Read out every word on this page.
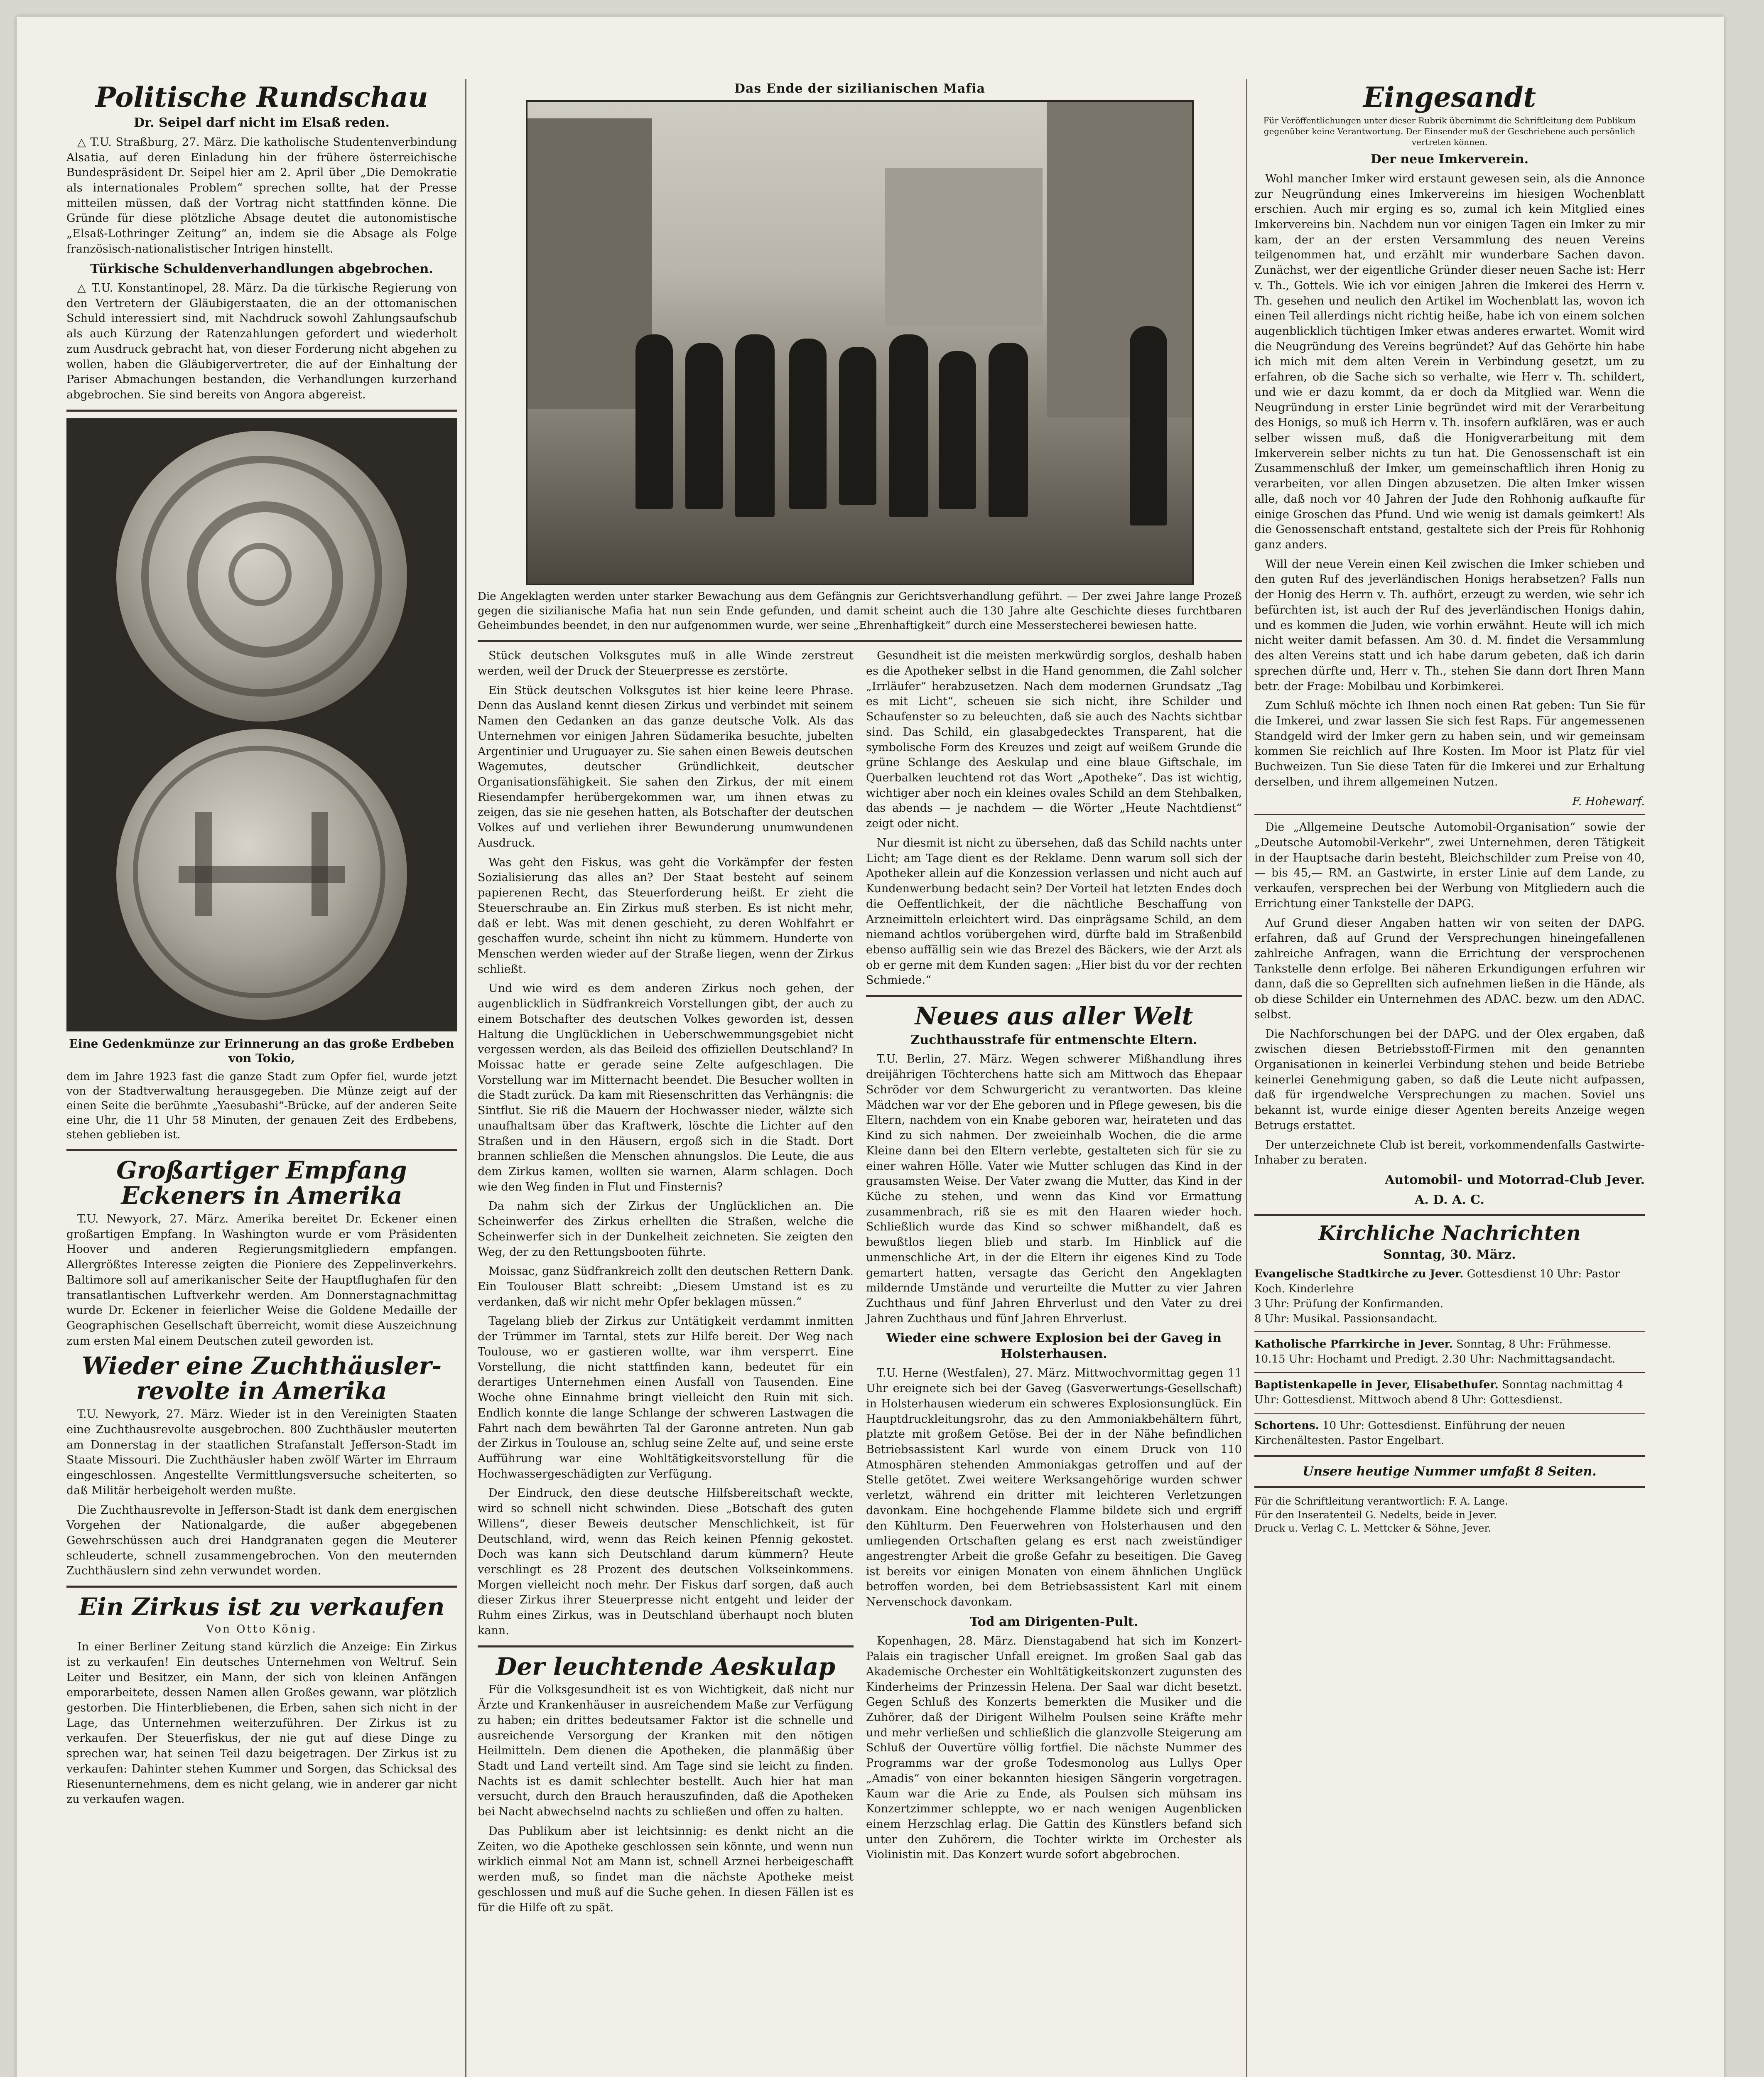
Politische Rundschau
Dr. Seipel darf nicht im Elsaß reden.

△ T.U. Straßburg, 27. März. Die katholische Studentenverbindung Alsatia, auf deren Einladung hin der frühere österreichische Bundespräsident Dr. Seipel hier am 2. April über „Die Demokratie als internationales Problem“ sprechen sollte, hat der Presse mitteilen müssen, daß der Vortrag nicht stattfinden könne. Die Gründe für diese plötzliche Absage deutet die autonomistische „Elsaß-Lothringer Zeitung“ an, indem sie die Absage als Folge französisch-nationalistischer Intrigen hinstellt.

Türkische Schuldenverhandlungen abgebrochen.

△ T.U. Konstantinopel, 28. März. Da die türkische Regierung von den Vertretern der Gläubigerstaaten, die an der ottomanischen Schuld interessiert sind, mit Nachdruck sowohl Zahlungsaufschub als auch Kürzung der Ratenzahlungen gefordert und wiederholt zum Ausdruck gebracht hat, von dieser Forderung nicht abgehen zu wollen, haben die Gläubigervertreter, die auf der Einhaltung der Pariser Abmachungen bestanden, die Verhandlungen kurzerhand abgebrochen. Sie sind bereits von Angora abgereist.

Eine Gedenkmünze zur Erinnerung an das große Erdbeben von Tokio,

dem im Jahre 1923 fast die ganze Stadt zum Opfer fiel, wurde jetzt von der Stadtverwaltung herausgegeben. Die Münze zeigt auf der einen Seite die berühmte „Yaesubashi“-Brücke, auf der anderen Seite eine Uhr, die 11 Uhr 58 Minuten, der genauen Zeit des Erdbebens, stehen geblieben ist.

Großartiger Empfang Eckeners in Amerika

T.U. Newyork, 27. März. Amerika bereitet Dr. Eckener einen großartigen Empfang. In Washington wurde er vom Präsidenten Hoover und anderen Regierungsmitgliedern empfangen. Allergrößtes Interesse zeigten die Pioniere des Zeppelinverkehrs. Baltimore soll auf amerikanischer Seite der Hauptflughafen für den transatlantischen Luftverkehr werden. Am Donnerstagnachmittag wurde Dr. Eckener in feierlicher Weise die Goldene Medaille der Geographischen Gesellschaft überreicht, womit diese Auszeichnung zum ersten Mal einem Deutschen zuteil geworden ist.

Wieder eine Zuchthäusler-revolte in Amerika

T.U. Newyork, 27. März. Wieder ist in den Vereinigten Staaten eine Zuchthausrevolte ausgebrochen. 800 Zuchthäusler meuterten am Donnerstag in der staatlichen Strafanstalt Jefferson-Stadt im Staate Missouri. Die Zuchthäusler haben zwölf Wärter im Ehrraum eingeschlossen. Angestellte Vermittlungsversuche scheiterten, so daß Militär herbeigeholt werden mußte.

Die Zuchthausrevolte in Jefferson-Stadt ist dank dem energischen Vorgehen der Nationalgarde, die außer abgegebenen Gewehrschüssen auch drei Handgranaten gegen die Meuterer schleuderte, schnell zusammengebrochen. Von den meuternden Zuchthäuslern sind zehn verwundet worden.

Ein Zirkus ist zu verkaufen
Von Otto König.

In einer Berliner Zeitung stand kürzlich die Anzeige: Ein Zirkus ist zu verkaufen! Ein deutsches Unternehmen von Weltruf. Sein Leiter und Besitzer, ein Mann, der sich von kleinen Anfängen emporarbeitete, dessen Namen allen Großes gewann, war plötzlich gestorben. Die Hinterbliebenen, die Erben, sahen sich nicht in der Lage, das Unternehmen weiterzuführen. Der Zirkus ist zu verkaufen. Der Steuerfiskus, der nie gut auf diese Dinge zu sprechen war, hat seinen Teil dazu beigetragen. Der Zirkus ist zu verkaufen: Dahinter stehen Kummer und Sorgen, das Schicksal des Riesenunternehmens, dem es nicht gelang, wie in anderer gar nicht zu verkaufen wagen.

Das Ende der sizilianischen Mafia

Die Angeklagten werden unter starker Bewachung aus dem Gefängnis zur Gerichtsverhandlung geführt. — Der zwei Jahre lange Prozeß gegen die sizilianische Mafia hat nun sein Ende gefunden, und damit scheint auch die 130 Jahre alte Geschichte dieses furchtbaren Geheimbundes beendet, in den nur aufgenommen wurde, wer seine „Ehrenhaftigkeit“ durch eine Messerstecherei bewiesen hatte.

Stück deutschen Volksgutes muß in alle Winde zerstreut werden, weil der Druck der Steuerpresse es zerstörte.

Ein Stück deutschen Volksgutes ist hier keine leere Phrase. Denn das Ausland kennt diesen Zirkus und verbindet mit seinem Namen den Gedanken an das ganze deutsche Volk. Als das Unternehmen vor einigen Jahren Südamerika besuchte, jubelten Argentinier und Uruguayer zu. Sie sahen einen Beweis deutschen Wagemutes, deutscher Gründlichkeit, deutscher Organisationsfähigkeit. Sie sahen den Zirkus, der mit einem Riesendampfer herübergekommen war, um ihnen etwas zu zeigen, das sie nie gesehen hatten, als Botschafter der deutschen Volkes auf und verliehen ihrer Bewunderung unumwundenen Ausdruck.

Was geht den Fiskus, was geht die Vorkämpfer der festen Sozialisierung das alles an? Der Staat besteht auf seinem papierenen Recht, das Steuerforderung heißt. Er zieht die Steuerschraube an. Ein Zirkus muß sterben. Es ist nicht mehr, daß er lebt. Was mit denen geschieht, zu deren Wohlfahrt er geschaffen wurde, scheint ihn nicht zu kümmern. Hunderte von Menschen werden wieder auf der Straße liegen, wenn der Zirkus schließt.

Und wie wird es dem anderen Zirkus noch gehen, der augenblicklich in Südfrankreich Vorstellungen gibt, der auch zu einem Botschafter des deutschen Volkes geworden ist, dessen Haltung die Unglücklichen in Ueberschwemmungsgebiet nicht vergessen werden, als das Beileid des offiziellen Deutschland? In Moissac hatte er gerade seine Zelte aufgeschlagen. Die Vorstellung war im Mitternacht beendet. Die Besucher wollten in die Stadt zurück. Da kam mit Riesenschritten das Verhängnis: die Sintflut. Sie riß die Mauern der Hochwasser nieder, wälzte sich unaufhaltsam über das Kraftwerk, löschte die Lichter auf den Straßen und in den Häusern, ergoß sich in die Stadt. Dort brannen schließen die Menschen ahnungslos. Die Leute, die aus dem Zirkus kamen, wollten sie warnen, Alarm schlagen. Doch wie den Weg finden in Flut und Finsternis?

Da nahm sich der Zirkus der Unglücklichen an. Die Scheinwerfer des Zirkus erhellten die Straßen, welche die Scheinwerfer sich in der Dunkelheit zeichneten. Sie zeigten den Weg, der zu den Rettungsbooten führte.

Moissac, ganz Südfrankreich zollt den deutschen Rettern Dank. Ein Toulouser Blatt schreibt: „Diesem Umstand ist es zu verdanken, daß wir nicht mehr Opfer beklagen müssen.“

Tagelang blieb der Zirkus zur Untätigkeit verdammt inmitten der Trümmer im Tarntal, stets zur Hilfe bereit. Der Weg nach Toulouse, wo er gastieren wollte, war ihm versperrt. Eine Vorstellung, die nicht stattfinden kann, bedeutet für ein derartiges Unternehmen einen Ausfall von Tausenden. Eine Woche ohne Einnahme bringt vielleicht den Ruin mit sich. Endlich konnte die lange Schlange der schweren Lastwagen die Fahrt nach dem bewährten Tal der Garonne antreten. Nun gab der Zirkus in Toulouse an, schlug seine Zelte auf, und seine erste Aufführung war eine Wohltätigkeitsvorstellung für die Hochwassergeschädigten zur Verfügung.

Der Eindruck, den diese deutsche Hilfsbereitschaft weckte, wird so schnell nicht schwinden. Diese „Botschaft des guten Willens“, dieser Beweis deutscher Menschlichkeit, ist für Deutschland, wird, wenn das Reich keinen Pfennig gekostet. Doch was kann sich Deutschland darum kümmern? Heute verschlingt es 28 Prozent des deutschen Volkseinkommens. Morgen vielleicht noch mehr. Der Fiskus darf sorgen, daß auch dieser Zirkus ihrer Steuerpresse nicht entgeht und leider der Ruhm eines Zirkus, was in Deutschland überhaupt noch bluten kann.

Der leuchtende Aeskulap

Für die Volksgesundheit ist es von Wichtigkeit, daß nicht nur Ärzte und Krankenhäuser in ausreichendem Maße zur Verfügung zu haben; ein drittes bedeutsamer Faktor ist die schnelle und ausreichende Versorgung der Kranken mit den nötigen Heilmitteln. Dem dienen die Apotheken, die planmäßig über Stadt und Land verteilt sind. Am Tage sind sie leicht zu finden. Nachts ist es damit schlechter bestellt. Auch hier hat man versucht, durch den Brauch herauszufinden, daß die Apotheken bei Nacht abwechselnd nachts zu schließen und offen zu halten.

Das Publikum aber ist leichtsinnig: es denkt nicht an die Zeiten, wo die Apotheke geschlossen sein könnte, und wenn nun wirklich einmal Not am Mann ist, schnell Arznei herbeigeschafft werden muß, so findet man die nächste Apotheke meist geschlossen und muß auf die Suche gehen. In diesen Fällen ist es für die Hilfe oft zu spät.

Gesundheit ist die meisten merkwürdig sorglos, deshalb haben es die Apotheker selbst in die Hand genommen, die Zahl solcher „Irrläufer“ herabzusetzen. Nach dem modernen Grundsatz „Tag es mit Licht“, scheuen sie sich nicht, ihre Schilder und Schaufenster so zu beleuchten, daß sie auch des Nachts sichtbar sind. Das Schild, ein glasabgedecktes Transparent, hat die symbolische Form des Kreuzes und zeigt auf weißem Grunde die grüne Schlange des Aeskulap und eine blaue Giftschale, im Querbalken leuchtend rot das Wort „Apotheke“. Das ist wichtig, wichtiger aber noch ein kleines ovales Schild an dem Stehbalken, das abends — je nachdem — die Wörter „Heute Nachtdienst“ zeigt oder nicht.

Nur diesmit ist nicht zu übersehen, daß das Schild nachts unter Licht; am Tage dient es der Reklame. Denn warum soll sich der Apotheker allein auf die Konzession verlassen und nicht auch auf Kundenwerbung bedacht sein? Der Vorteil hat letzten Endes doch die Oeffentlichkeit, der die nächtliche Beschaffung von Arzneimitteln erleichtert wird. Das einprägsame Schild, an dem niemand achtlos vorübergehen wird, dürfte bald im Straßenbild ebenso auffällig sein wie das Brezel des Bäckers, wie der Arzt als ob er gerne mit dem Kunden sagen: „Hier bist du vor der rechten Schmiede.“

Neues aus aller Welt
Zuchthausstrafe für entmenschte Eltern.

T.U. Berlin, 27. März. Wegen schwerer Mißhandlung ihres dreijährigen Töchterchens hatte sich am Mittwoch das Ehepaar Schröder vor dem Schwurgericht zu verantworten. Das kleine Mädchen war vor der Ehe geboren und in Pflege gewesen, bis die Eltern, nachdem von ein Knabe geboren war, heirateten und das Kind zu sich nahmen. Der zweieinhalb Wochen, die die arme Kleine dann bei den Eltern verlebte, gestalteten sich für sie zu einer wahren Hölle. Vater wie Mutter schlugen das Kind in der grausamsten Weise. Der Vater zwang die Mutter, das Kind in der Küche zu stehen, und wenn das Kind vor Ermattung zusammenbrach, riß sie es mit den Haaren wieder hoch. Schließlich wurde das Kind so schwer mißhandelt, daß es bewußtlos liegen blieb und starb. Im Hinblick auf die unmenschliche Art, in der die Eltern ihr eigenes Kind zu Tode gemartert hatten, versagte das Gericht den Angeklagten mildernde Umstände und verurteilte die Mutter zu vier Jahren Zuchthaus und fünf Jahren Ehrverlust und den Vater zu drei Jahren Zuchthaus und fünf Jahren Ehrverlust.

Wieder eine schwere Explosion bei der Gaveg in Holsterhausen.

T.U. Herne (Westfalen), 27. März. Mittwochvormittag gegen 11 Uhr ereignete sich bei der Gaveg (Gasverwertungs-Gesellschaft) in Holsterhausen wiederum ein schweres Explosionsunglück. Ein Hauptdruckleitungsrohr, das zu den Ammoniakbehältern führt, platzte mit großem Getöse. Bei der in der Nähe befindlichen Betriebsassistent Karl wurde von einem Druck von 110 Atmosphären stehenden Ammoniakgas getroffen und auf der Stelle getötet. Zwei weitere Werksangehörige wurden schwer verletzt, während ein dritter mit leichteren Verletzungen davonkam. Eine hochgehende Flamme bildete sich und ergriff den Kühlturm. Den Feuerwehren von Holsterhausen und den umliegenden Ortschaften gelang es erst nach zweistündiger angestrengter Arbeit die große Gefahr zu beseitigen. Die Gaveg ist bereits vor einigen Monaten von einem ähnlichen Unglück betroffen worden, bei dem Betriebsassistent Karl mit einem Nervenschock davonkam.

Tod am Dirigenten-Pult.

Kopenhagen, 28. März. Dienstagabend hat sich im Konzert-Palais ein tragischer Unfall ereignet. Im großen Saal gab das Akademische Orchester ein Wohltätigkeitskonzert zugunsten des Kinderheims der Prinzessin Helena. Der Saal war dicht besetzt. Gegen Schluß des Konzerts bemerkten die Musiker und die Zuhörer, daß der Dirigent Wilhelm Poulsen seine Kräfte mehr und mehr verließen und schließlich die glanzvolle Steigerung am Schluß der Ouvertüre völlig fortfiel. Die nächste Nummer des Programms war der große Todesmonolog aus Lullys Oper „Amadis“ von einer bekannten hiesigen Sängerin vorgetragen. Kaum war die Arie zu Ende, als Poulsen sich mühsam ins Konzertzimmer schleppte, wo er nach wenigen Augenblicken einem Herzschlag erlag. Die Gattin des Künstlers befand sich unter den Zuhörern, die Tochter wirkte im Orchester als Violinistin mit. Das Konzert wurde sofort abgebrochen.

Eingesandt

Für Veröffentlichungen unter dieser Rubrik übernimmt die Schriftleitung dem Publikum gegenüber keine Verantwortung. Der Einsender muß der Geschriebene auch persönlich vertreten können.

Der neue Imkerverein.

Wohl mancher Imker wird erstaunt gewesen sein, als die Annonce zur Neugründung eines Imkervereins im hiesigen Wochenblatt erschien. Auch mir erging es so, zumal ich kein Mitglied eines Imkervereins bin. Nachdem nun vor einigen Tagen ein Imker zu mir kam, der an der ersten Versammlung des neuen Vereins teilgenommen hat, und erzählt mir wunderbare Sachen davon. Zunächst, wer der eigentliche Gründer dieser neuen Sache ist: Herr v. Th., Gottels. Wie ich vor einigen Jahren die Imkerei des Herrn v. Th. gesehen und neulich den Artikel im Wochenblatt las, wovon ich einen Teil allerdings nicht richtig heiße, habe ich von einem solchen augenblicklich tüchtigen Imker etwas anderes erwartet. Womit wird die Neugründung des Vereins begründet? Auf das Gehörte hin habe ich mich mit dem alten Verein in Verbindung gesetzt, um zu erfahren, ob die Sache sich so verhalte, wie Herr v. Th. schildert, und wie er dazu kommt, da er doch da Mitglied war. Wenn die Neugründung in erster Linie begründet wird mit der Verarbeitung des Honigs, so muß ich Herrn v. Th. insofern aufklären, was er auch selber wissen muß, daß die Honigverarbeitung mit dem Imkerverein selber nichts zu tun hat. Die Genossenschaft ist ein Zusammenschluß der Imker, um gemeinschaftlich ihren Honig zu verarbeiten, vor allen Dingen abzusetzen. Die alten Imker wissen alle, daß noch vor 40 Jahren der Jude den Rohhonig aufkaufte für einige Groschen das Pfund. Und wie wenig ist damals geimkert! Als die Genossenschaft entstand, gestaltete sich der Preis für Rohhonig ganz anders.

Will der neue Verein einen Keil zwischen die Imker schieben und den guten Ruf des jeverländischen Honigs herabsetzen? Falls nun der Honig des Herrn v. Th. aufhört, erzeugt zu werden, wie sehr ich befürchten ist, ist auch der Ruf des jeverländischen Honigs dahin, und es kommen die Juden, wie vorhin erwähnt. Heute will ich mich nicht weiter damit befassen. Am 30. d. M. findet die Versammlung des alten Vereins statt und ich habe darum gebeten, daß ich darin sprechen dürfte und, Herr v. Th., stehen Sie dann dort Ihren Mann betr. der Frage: Mobilbau und Korbimkerei.

Zum Schluß möchte ich Ihnen noch einen Rat geben: Tun Sie für die Imkerei, und zwar lassen Sie sich fest Raps. Für angemessenen Standgeld wird der Imker gern zu haben sein, und wir gemeinsam kommen Sie reichlich auf Ihre Kosten. Im Moor ist Platz für viel Buchweizen. Tun Sie diese Taten für die Imkerei und zur Erhaltung derselben, und ihrem allgemeinen Nutzen.

F. Hohewarf.

Die „Allgemeine Deutsche Automobil-Organisation“ sowie der „Deutsche Automobil-Verkehr“, zwei Unternehmen, deren Tätigkeit in der Hauptsache darin besteht, Bleichschilder zum Preise von 40,— bis 45,— RM. an Gastwirte, in erster Linie auf dem Lande, zu verkaufen, versprechen bei der Werbung von Mitgliedern auch die Errichtung einer Tankstelle der DAPG.

Auf Grund dieser Angaben hatten wir von seiten der DAPG. erfahren, daß auf Grund der Versprechungen hineingefallenen zahlreiche Anfragen, wann die Errichtung der versprochenen Tankstelle denn erfolge. Bei näheren Erkundigungen erfuhren wir dann, daß die so Geprellten sich aufnehmen ließen in die Hände, als ob diese Schilder ein Unternehmen des ADAC. bezw. um den ADAC. selbst.

Die Nachforschungen bei der DAPG. und der Olex ergaben, daß zwischen diesen Betriebsstoff-Firmen mit den genannten Organisationen in keinerlei Verbindung stehen und beide Betriebe keinerlei Genehmigung gaben, so daß die Leute nicht aufpassen, daß für irgendwelche Versprechungen zu machen. Soviel uns bekannt ist, wurde einige dieser Agenten bereits Anzeige wegen Betrugs erstattet.

Der unterzeichnete Club ist bereit, vorkommendenfalls Gastwirte-Inhaber zu beraten.

Automobil- und Motorrad-Club Jever.
A. D. A. C.
Kirchliche Nachrichten
Sonntag, 30. März.
Evangelische Stadtkirche zu Jever. Gottesdienst 10 Uhr: Pastor Koch. Kinderlehre
3 Uhr: Prüfung der Konfirmanden.
8 Uhr: Musikal. Passionsandacht.
Katholische Pfarrkirche in Jever. Sonntag, 8 Uhr: Frühmesse. 10.15 Uhr: Hochamt und Predigt. 2.30 Uhr: Nachmittagsandacht.
Baptistenkapelle in Jever, Elisabethufer. Sonntag nachmittag 4 Uhr: Gottesdienst. Mittwoch abend 8 Uhr: Gottesdienst.
Schortens. 10 Uhr: Gottesdienst. Einführung der neuen Kirchenältesten. Pastor Engelbart.
Unsere heutige Nummer umfaßt 8 Seiten.

Für die Schriftleitung verantwortlich: F. A. Lange.

Für den Inseratenteil G. Nedelts, beide in Jever.

Druck u. Verlag C. L. Mettcker & Söhne, Jever.
